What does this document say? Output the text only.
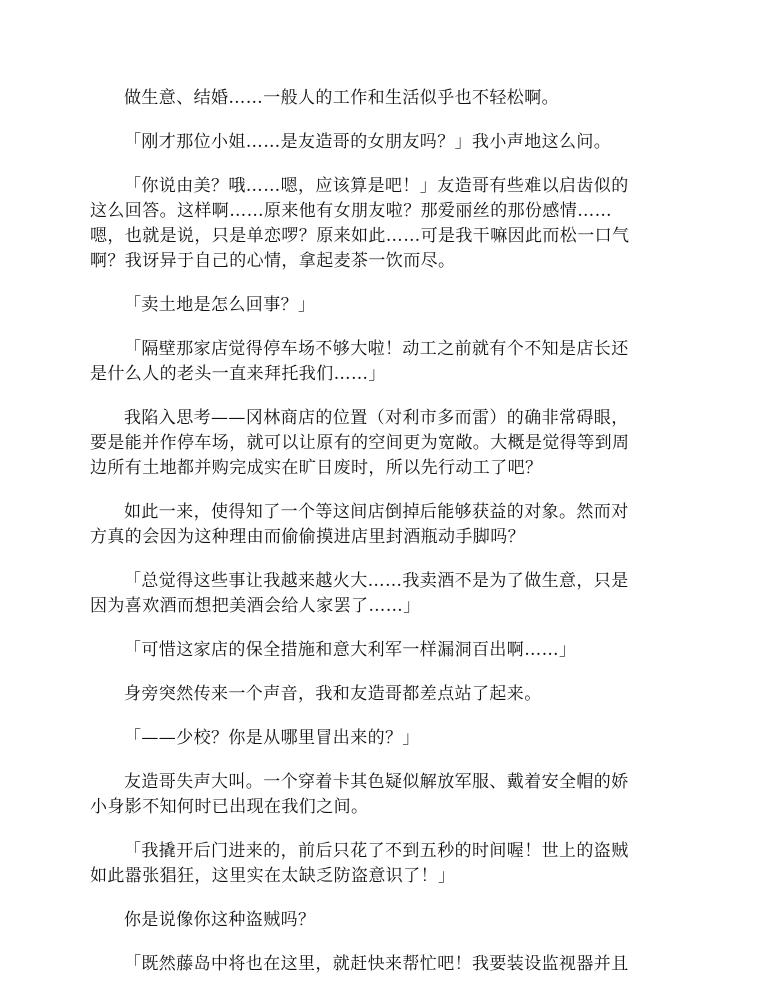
做生意、结婚……一般人的工作和生活似乎也不轻松啊。

「刚才那位小姐……是友造哥的女朋友吗？」我小声地这么问。

「你说由美？哦……嗯，应该算是吧！」友造哥有些难以启齿似的
这么回答。这样啊……原来他有女朋友啦？那爱丽丝的那份感情……
嗯，也就是说，只是单恋啰？原来如此……可是我干嘛因此而松一口气
啊？我讶异于自己的心情，拿起麦茶一饮而尽。

「卖土地是怎么回事？」

「隔壁那家店觉得停车场不够大啦！动工之前就有个不知是店长还
是什么人的老头一直来拜托我们……」

我陷入思考——冈林商店的位置（对利市多而雷）的确非常碍眼，
要是能并作停车场，就可以让原有的空间更为宽敞。大概是觉得等到周
边所有土地都并购完成实在旷日废时，所以先行动工了吧？

如此一来，使得知了一个等这间店倒掉后能够获益的对象。然而对
方真的会因为这种理由而偷偷摸进店里封酒瓶动手脚吗？

「总觉得这些事让我越来越火大……我卖酒不是为了做生意，只是
因为喜欢酒而想把美酒会给人家罢了……」

「可惜这家店的保全措施和意大利军一样漏洞百出啊……」

身旁突然传来一个声音，我和友造哥都差点站了起来。

「——少校？你是从哪里冒出来的？」

友造哥失声大叫。一个穿着卡其色疑似解放军服、戴着安全帽的娇
小身影不知何时已出现在我们之间。

「我撬开后门进来的，前后只花了不到五秒的时间喔！世上的盗贼
如此嚣张猖狂，这里实在太缺乏防盗意识了！」

你是说像你这种盗贼吗？

「既然藤岛中将也在这里，就赶快来帮忙吧！我要装设监视器并且
